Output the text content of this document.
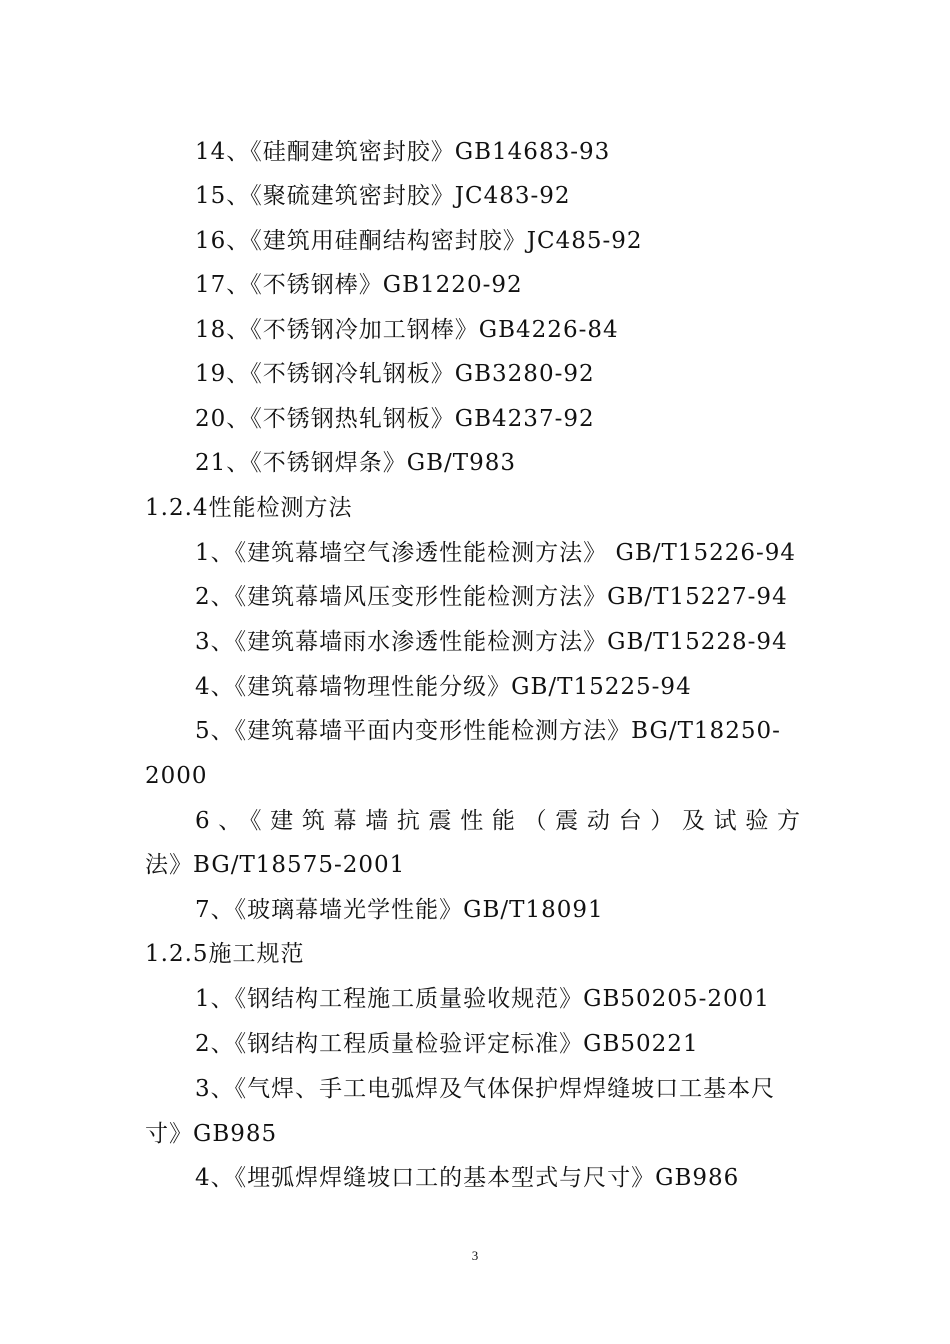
14、《硅酮建筑密封胶》GB14683-93
15、《聚硫建筑密封胶》JC483-92
16、《建筑用硅酮结构密封胶》JC485-92
17、《不锈钢棒》GB1220-92
18、《不锈钢冷加工钢棒》GB4226-84
19、《不锈钢冷轧钢板》GB3280-92
20、《不锈钢热轧钢板》GB4237-92
21、《不锈钢焊条》GB/T983
1.2.4性能检测方法
1、《建筑幕墙空气渗透性能检测方法》 GB/T15226-94
2、《建筑幕墙风压变形性能检测方法》GB/T15227-94
3、《建筑幕墙雨水渗透性能检测方法》GB/T15228-94
4、《建筑幕墙物理性能分级》GB/T15225-94
5、《建筑幕墙平面内变形性能检测方法》BG/T18250-
2000
6、《建筑幕墙抗震性能（震动台）及试验方
法》BG/T18575-2001
7、《玻璃幕墙光学性能》GB/T18091
1.2.5施工规范
1、《钢结构工程施工质量验收规范》GB50205-2001
2、《钢结构工程质量检验评定标准》GB50221
3、《气焊、手工电弧焊及气体保护焊焊缝坡口工基本尺
寸》GB985
4、《埋弧焊焊缝坡口工的基本型式与尺寸》GB986
3
